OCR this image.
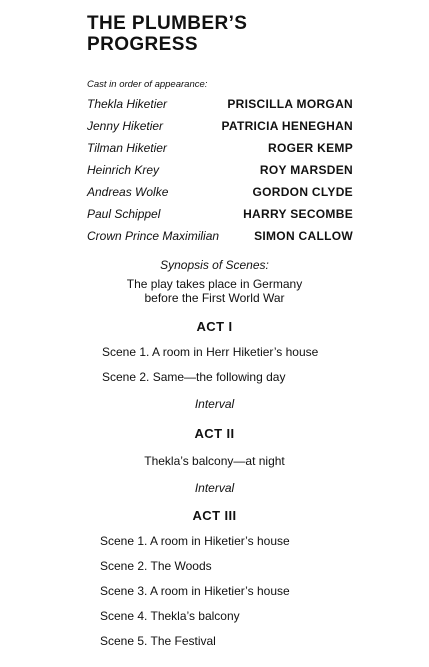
THE PLUMBER’S
PROGRESS

Cast in order of appearance:

Thekla Hiketier	PRISCILLA MORGAN
Jenny Hiketier	PATRICIA HENEGHAN
Tilman Hiketier	ROGER KEMP
Heinrich Krey	ROY MARSDEN
Andreas Wolke	GORDON CLYDE
Paul Schippel	HARRY SECOMBE
Crown Prince Maximilian	SIMON CALLOW
Synopsis of Scenes:
The play takes place in Germany
before the First World War
ACT I
Scene 1. A room in Herr Hiketier’s house
Scene 2. Same—the following day
Interval
ACT II
Thekla’s balcony—at night
Interval
ACT III
Scene 1. A room in Hiketier’s house
Scene 2. The Woods
Scene 3. A room in Hiketier’s house
Scene 4. Thekla’s balcony
Scene 5. The Festival
